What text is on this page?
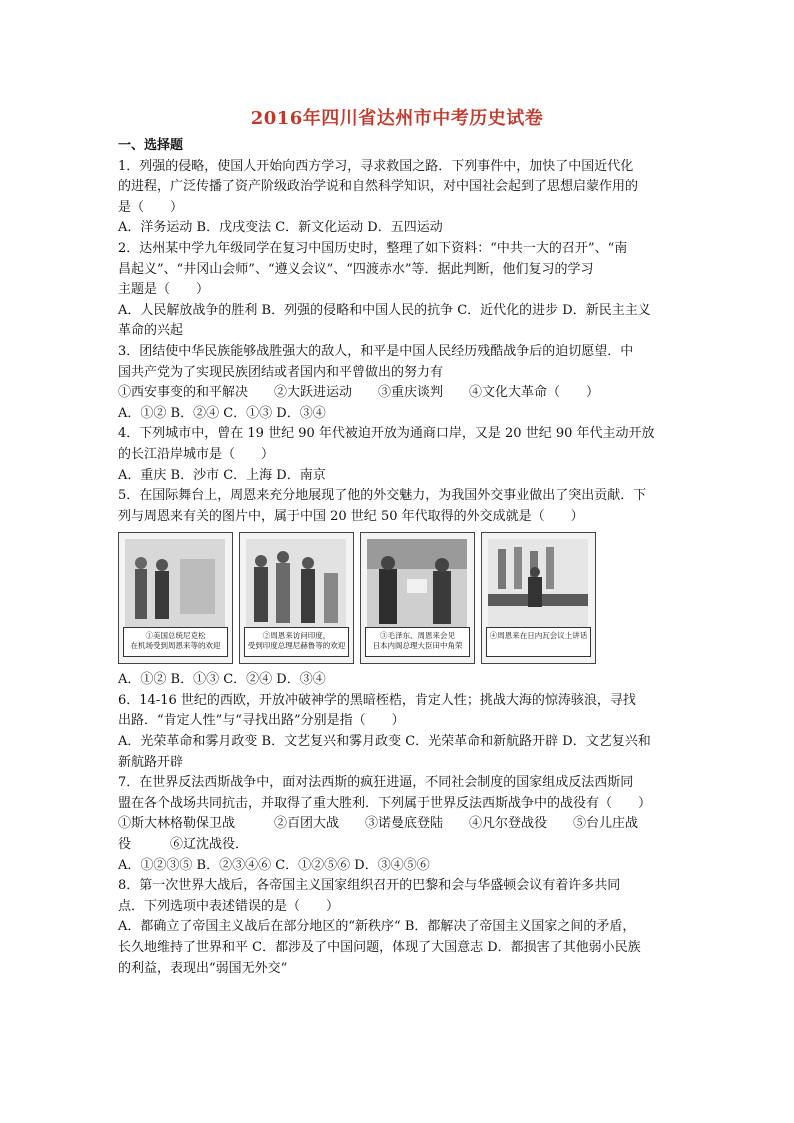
2016年四川省达州市中考历史试卷
一、选择题
1．列强的侵略，使国人开始向西方学习，寻求救国之路．下列事件中，加快了中国近代化
的进程，广泛传播了资产阶级政治学说和自然科学知识，对中国社会起到了思想启蒙作用的
是（　　）
A．洋务运动 B．戊戌变法 C．新文化运动 D．五四运动
2．达州某中学九年级同学在复习中国历史时，整理了如下资料：“中共一大的召开”、“南
昌起义”、“井冈山会师”、“遵义会议”、“四渡赤水”等．据此判断，他们复习的学习
主题是（　　）
A．人民解放战争的胜利 B．列强的侵略和中国人民的抗争 C．近代化的进步 D．新民主主义
革命的兴起
3．团结使中华民族能够战胜强大的敌人，和平是中国人民经历残酷战争后的迫切愿望．中
国共产党为了实现民族团结或者国内和平曾做出的努力有
①西安事变的和平解决　　②大跃进运动　　③重庆谈判　　④文化大革命（　　）
A．①② B．②④ C．①③ D．③④
4．下列城市中，曾在 19 世纪 90 年代被迫开放为通商口岸，又是 20 世纪 90 年代主动开放
的长江沿岸城市是（　　）
A．重庆 B．沙市 C．上海 D．南京
5．在国际舞台上，周恩来充分地展现了他的外交魅力，为我国外交事业做出了突出贡献．下
列与周恩来有关的图片中，属于中国 20 世纪 50 年代取得的外交成就是（　　）
①美国总统尼克松
在机场受到周恩来等的欢迎
②周恩来访问印度，
受到印度总理尼赫鲁等的欢迎
③毛泽东、周恩来会见
日本内阁总理大臣田中角荣
④周恩来在日内瓦会议上讲话
A．①② B．①③ C．②④ D．③④
6．14-16 世纪的西欧，开放冲破神学的黑暗桎梏，肯定人性；挑战大海的惊涛骇浪，寻找
出路．“肯定人性”与“寻找出路”分别是指（　　）
A．光荣革命和雾月政变 B．文艺复兴和雾月政变 C．光荣革命和新航路开辟 D．文艺复兴和
新航路开辟
7．在世界反法西斯战争中，面对法西斯的疯狂进逼，不同社会制度的国家组成反法西斯同
盟在各个战场共同抗击，并取得了重大胜利．下列属于世界反法西斯战争中的战役有（　　）
①斯大林格勒保卫战　　　②百团大战　　③诺曼底登陆　　④凡尔登战役　　⑤台儿庄战
役　　　⑥辽沈战役．
A．①②③⑤ B．②③④⑥ C．①②⑤⑥ D．③④⑤⑥
8．第一次世界大战后，各帝国主义国家组织召开的巴黎和会与华盛顿会议有着许多共同
点．下列选项中表述错误的是（　　）
A．都确立了帝国主义战后在部分地区的“新秩序“ B．都解决了帝国主义国家之间的矛盾，
长久地维持了世界和平 C．都涉及了中国问题，体现了大国意志 D．都损害了其他弱小民族
的利益，表现出“弱国无外交“
